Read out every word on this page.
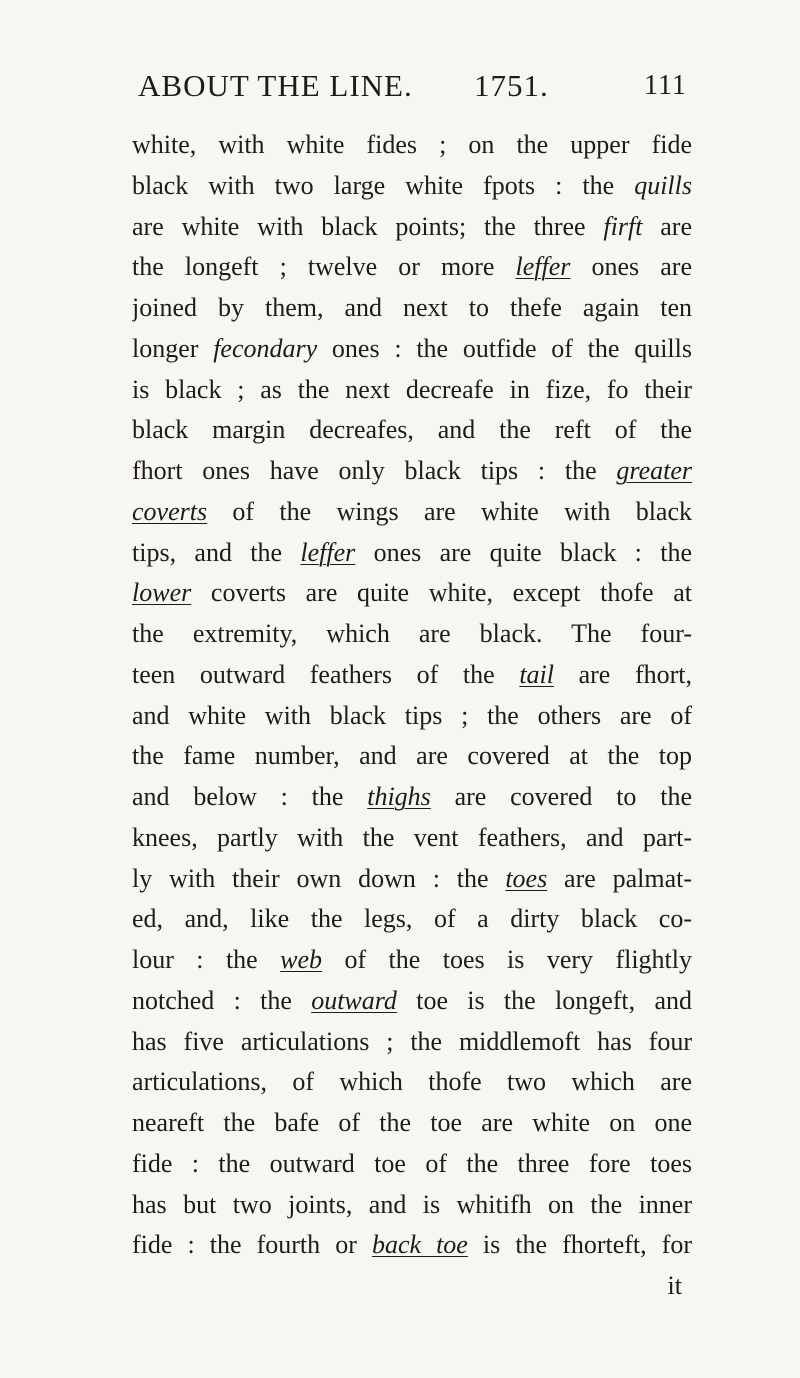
ABOUT THE LINE. 1751.	111
white, with white fides ; on the upper fide
black with two large white fpots : the quills
are white with black points; the three firft are
the longeft ; twelve or more leffer ones are
joined by them, and next to thefe again ten
longer fecondary ones : the outfide of the quills
is black ; as the next decreafe in fize, fo their
black margin decreafes, and the reft of the
fhort ones have only black tips : the greater
coverts of the wings are white with black
tips, and the leffer ones are quite black : the
lower coverts are quite white, except thofe at
the extremity, which are black. The four-
teen outward feathers of the tail are fhort,
and white with black tips ; the others are of
the fame number, and are covered at the top
and below : the thighs are covered to the
knees, partly with the vent feathers, and part-
ly with their own down : the toes are palmat-
ed, and, like the legs, of a dirty black co-
lour : the web of the toes is very flightly
notched : the outward toe is the longeft, and
has five articulations ; the middlemoft has four
articulations, of which thofe two which are
neareft the bafe of the toe are white on one
fide : the outward toe of the three fore toes
has but two joints, and is whitifh on the inner
fide : the fourth or back toe is the fhorteft, for
it
